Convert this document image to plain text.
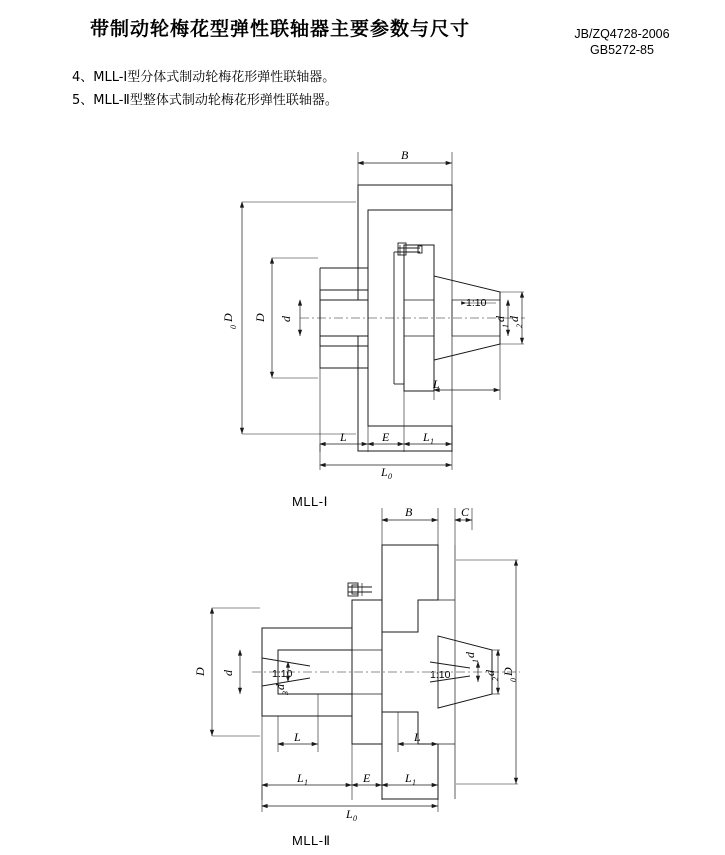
带制动轮梅花型弹性联轴器主要参数与尺寸	JB/ZQ4728-2006
GB5272-85
4、MLL-Ⅰ型分体式制动轮梅花形弹性联轴器。
5、MLL-Ⅱ型整体式制动轮梅花形弹性联轴器。
MLL-Ⅰ
MLL-Ⅱ
1:10
B
D
0
D d	d
1
d
2
L
L	E	L 1
L 0
1:10	1:10
B	C
D d
d
3
d
1
d
2
D
0
L	L
L 1	E	L 1
L 0
